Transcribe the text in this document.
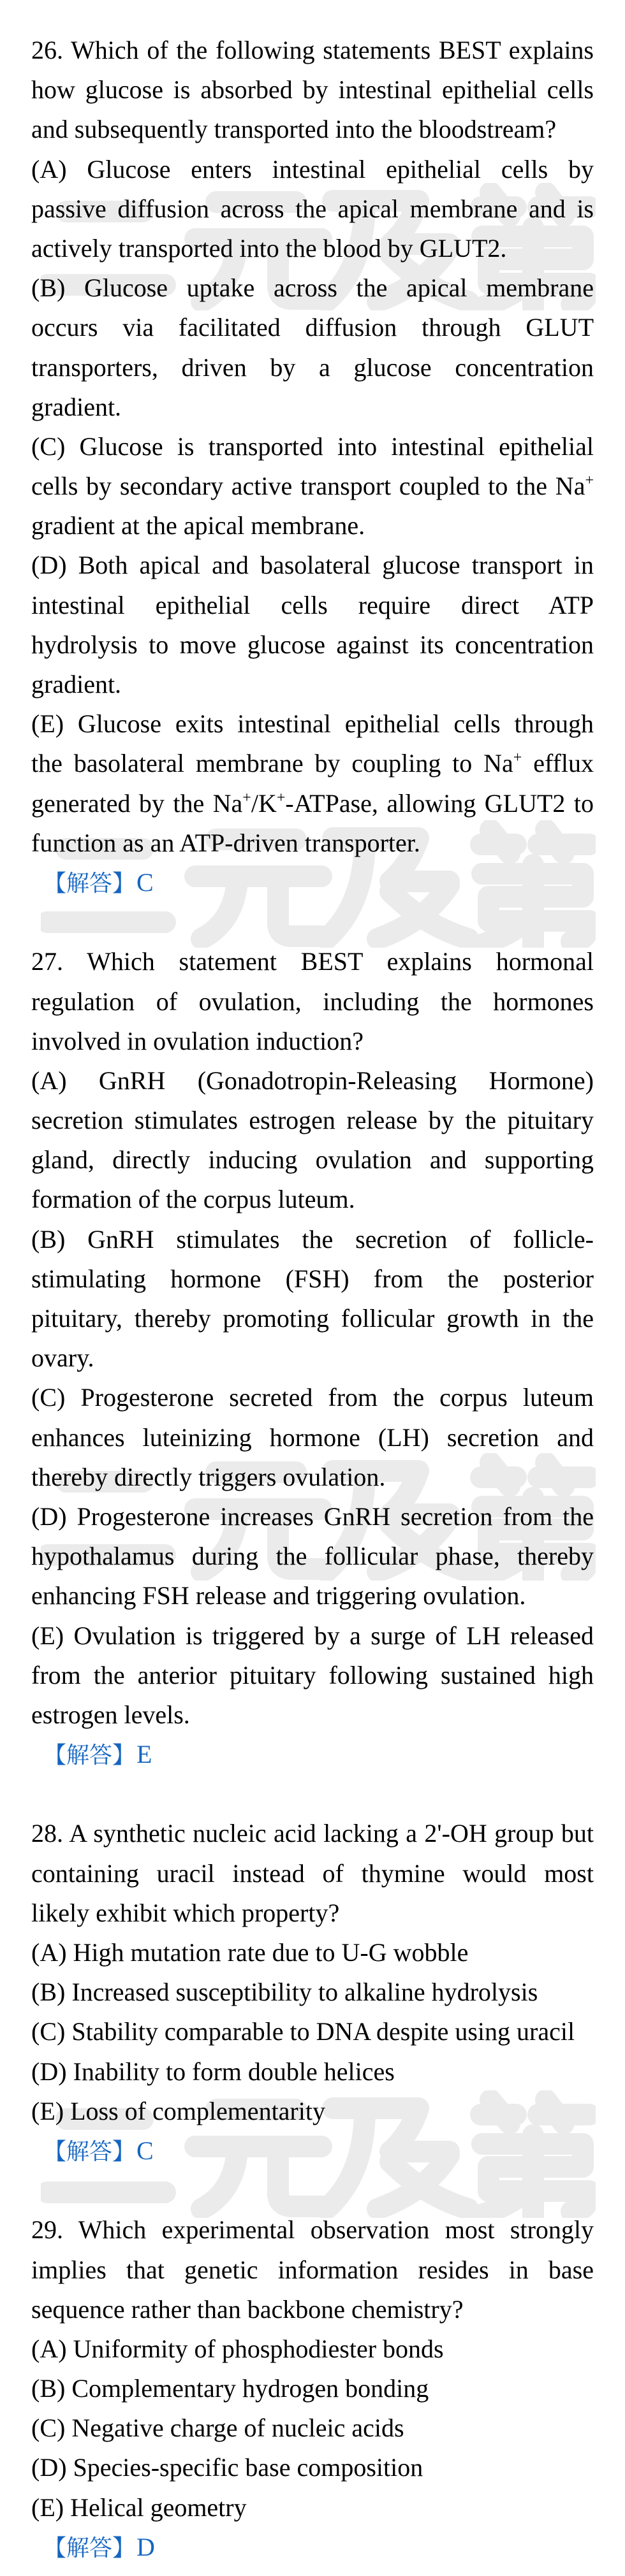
26. Which of the following statements BEST explains
how glucose is absorbed by intestinal epithelial cells
and subsequently transported into the bloodstream?
(A) Glucose enters intestinal epithelial cells by
passive diffusion across the apical membrane and is
actively transported into the blood by GLUT2.
(B) Glucose uptake across the apical membrane
occurs via facilitated diffusion through GLUT
transporters, driven by a glucose concentration
gradient.
(C) Glucose is transported into intestinal epithelial
cells by secondary active transport coupled to the Na+
gradient at the apical membrane.
(D) Both apical and basolateral glucose transport in
intestinal epithelial cells require direct ATP
hydrolysis to move glucose against its concentration
gradient.
(E) Glucose exits intestinal epithelial cells through
the basolateral membrane by coupling to Na+ efflux
generated by the Na+/K+-ATPase, allowing GLUT2 to
function as an ATP-driven transporter.
【解答】C
27. Which statement BEST explains hormonal
regulation of ovulation, including the hormones
involved in ovulation induction?
(A) GnRH (Gonadotropin-Releasing Hormone)
secretion stimulates estrogen release by the pituitary
gland, directly inducing ovulation and supporting
formation of the corpus luteum.
(B) GnRH stimulates the secretion of follicle-
stimulating hormone (FSH) from the posterior
pituitary, thereby promoting follicular growth in the
ovary.
(C) Progesterone secreted from the corpus luteum
enhances luteinizing hormone (LH) secretion and
thereby directly triggers ovulation.
(D) Progesterone increases GnRH secretion from the
hypothalamus during the follicular phase, thereby
enhancing FSH release and triggering ovulation.
(E) Ovulation is triggered by a surge of LH released
from the anterior pituitary following sustained high
estrogen levels.
【解答】E
28. A synthetic nucleic acid lacking a 2'-OH group but
containing uracil instead of thymine would most
likely exhibit which property?
(A) High mutation rate due to U-G wobble
(B) Increased susceptibility to alkaline hydrolysis
(C) Stability comparable to DNA despite using uracil
(D) Inability to form double helices
(E) Loss of complementarity
【解答】C
29. Which experimental observation most strongly
implies that genetic information resides in base
sequence rather than backbone chemistry?
(A) Uniformity of phosphodiester bonds
(B) Complementary hydrogen bonding
(C) Negative charge of nucleic acids
(D) Species-specific base composition
(E) Helical geometry
【解答】D
